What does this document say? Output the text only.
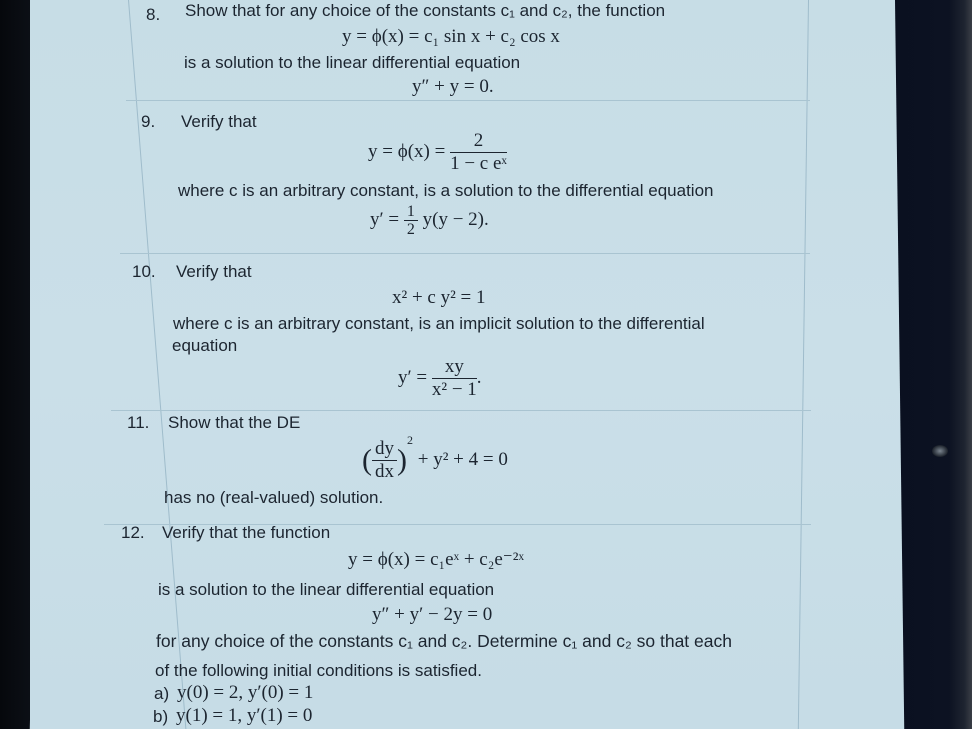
8. Show that for any choice of the constants c₁ and c₂, the function
y = ϕ(x) = c₁ sin x + c₂ cos x
is a solution to the linear differential equation
y″ + y = 0.
9. Verify that
$y = \phi(x) = \frac{2}{\text{1 − c eˣ}}$
where c is an arbitrary constant, is a solution to the differential equation
$y' = \frac{1}{2} y(y - 2)$.
10. Verify that
x² + c y² = 1
where c is an arbitrary constant, is an implicit solution to the differential
equation
$y' = \frac{xy}{\text{x² − 1}}$ .
11. Show that the DE
( $\frac{dy}{dx} )^2 + y^2 + 4 = 0$
has no (real-valued) solution.
12. Verify that the function
y = ϕ(x) = c₁eˣ + c₂e⁻²ˣ
is a solution to the linear differential equation
y″ + y′ − 2y = 0
for any choice of the constants c₁ and c₂. Determine c₁ and c₂ so that each
of the following initial conditions is satisfied.
a) y(0) = 2, y′(0) = 1
b) y(1) = 1, y′(1) = 0
